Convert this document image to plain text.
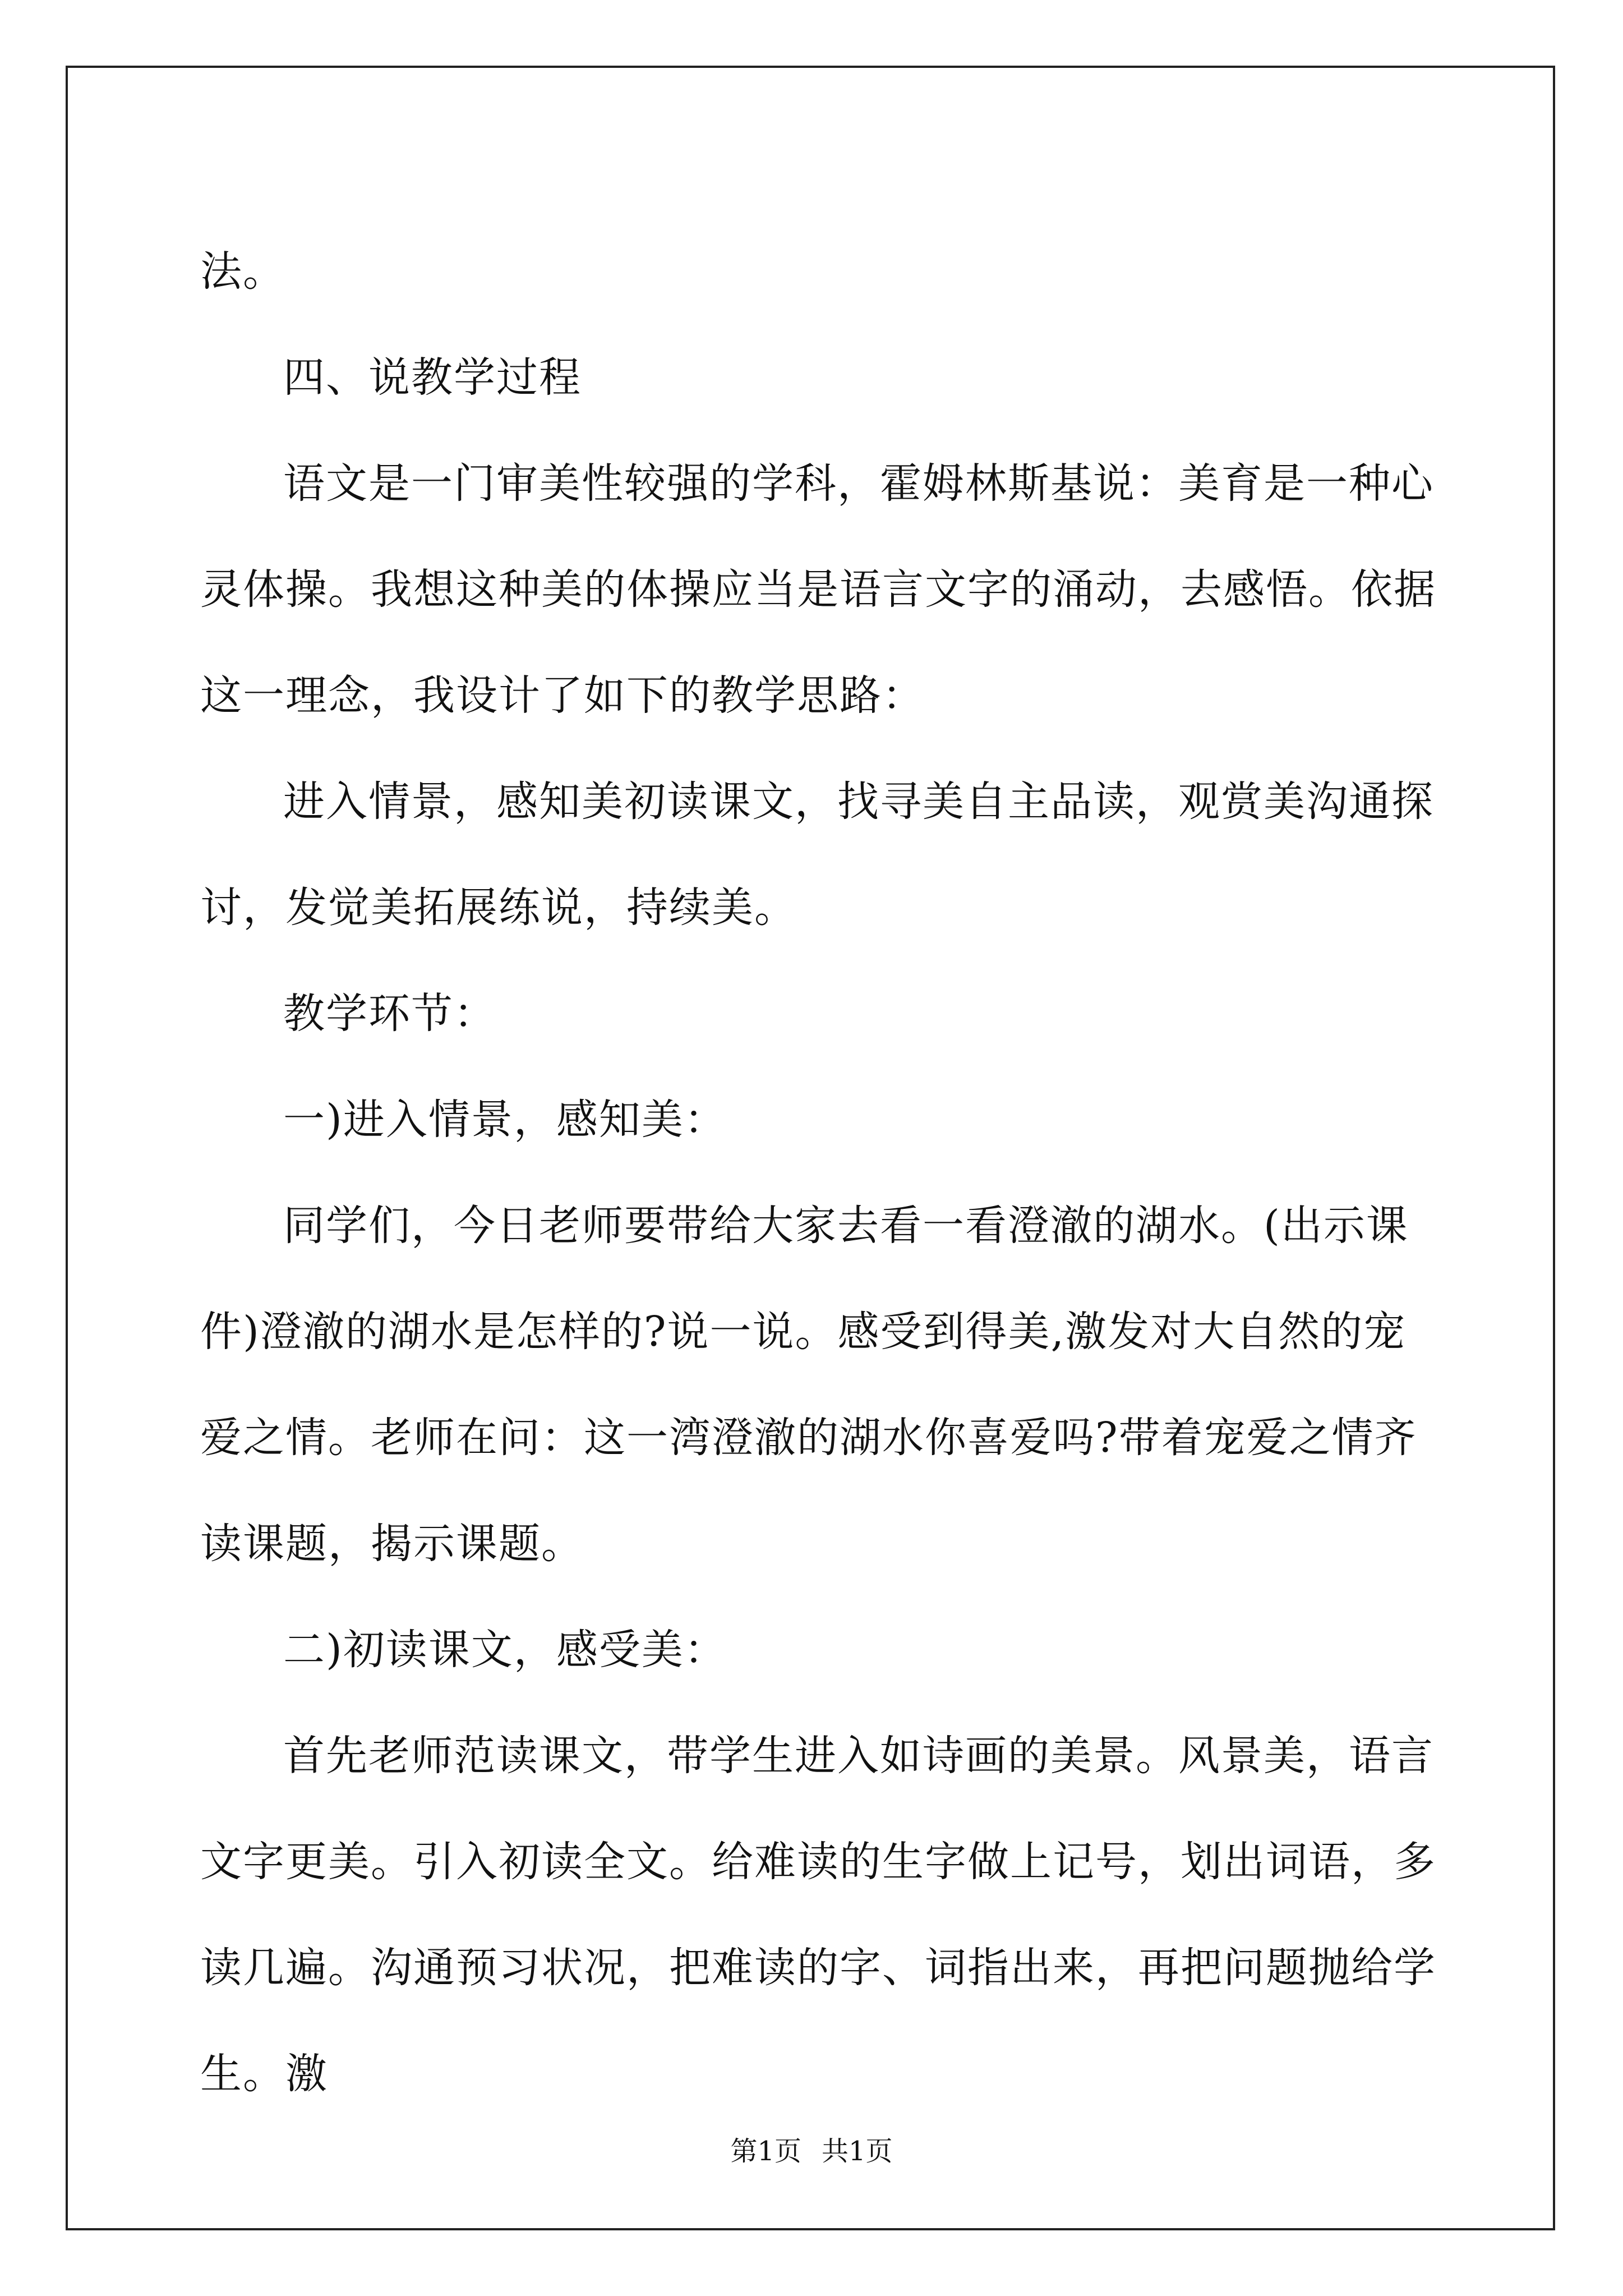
法。

四、说教学过程

语文是一门审美性较强的学科，霍姆林斯基说：美育是一种心灵体操。我想这种美的体操应当是语言文字的涌动，去感悟。依据这一理念，我设计了如下的教学思路：

进入情景，感知美初读课文，找寻美自主品读，观赏美沟通探讨，发觉美拓展练说，持续美。

教学环节：

一)进入情景，感知美：

同学们，今日老师要带给大家去看一看澄澈的湖水。(出示课件)澄澈的湖水是怎样的?说一说。感受到得美,激发对大自然的宠爱之情。老师在问：这一湾澄澈的湖水你喜爱吗?带着宠爱之情齐读课题，揭示课题。

二)初读课文，感受美：

首先老师范读课文，带学生进入如诗画的美景。风景美，语言文字更美。引入初读全文。给难读的生字做上记号，划出词语，多读几遍。沟通预习状况，把难读的字、词指出来，再把问题抛给学生。激

第1页 共1页
